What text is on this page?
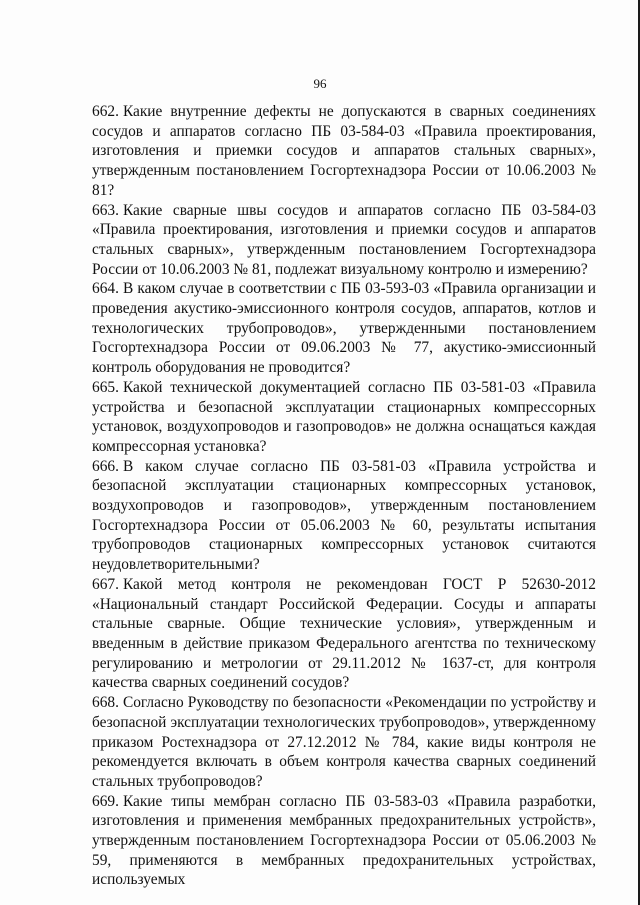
96

662. Какие внутренние дефекты не допускаются в сварных соединениях сосудов и аппаратов согласно ПБ 03-584-03 «Правила проектирования, изготовления и приемки сосудов и аппаратов стальных сварных», утвержденным постановлением Госгортехнадзора России от 10.06.2003 № 81?

663. Какие сварные швы сосудов и аппаратов согласно ПБ 03-584-03 «Правила проектирования, изготовления и приемки сосудов и аппаратов стальных сварных», утвержденным постановлением Госгортехнадзора России от 10.06.2003 № 81, подлежат визуальному контролю и измерению?

664. В каком случае в соответствии с ПБ 03-593-03 «Правила организации и проведения акустико-эмиссионного контроля сосудов, аппаратов, котлов и технологических трубопроводов», утвержденными постановлением Госгортехнадзора России от 09.06.2003 № 77, акустико-эмиссионный контроль оборудования не проводится?

665. Какой технической документацией согласно ПБ 03-581-03 «Правила устройства и безопасной эксплуатации стационарных компрессорных установок, воздухопроводов и газопроводов» не должна оснащаться каждая компрессорная установка?

666. В каком случае согласно ПБ 03-581-03 «Правила устройства и безопасной эксплуатации стационарных компрессорных установок, воздухопроводов и газопроводов», утвержденным постановлением Госгортехнадзора России от 05.06.2003 № 60, результаты испытания трубопроводов стационарных компрессорных установок считаются неудовлетворительными?

667. Какой метод контроля не рекомендован ГОСТ Р 52630-2012 «Национальный стандарт Российской Федерации. Сосуды и аппараты стальные сварные. Общие технические условия», утвержденным и введенным в действие приказом Федерального агентства по техническому регулированию и метрологии от 29.11.2012 № 1637-ст, для контроля качества сварных соединений сосудов?

668. Согласно Руководству по безопасности «Рекомендации по устройству и безопасной эксплуатации технологических трубопроводов», утвержденному приказом Ростехнадзора от 27.12.2012 № 784, какие виды контроля не рекомендуется включать в объем контроля качества сварных соединений стальных трубопроводов?

669. Какие типы мембран согласно ПБ 03-583-03 «Правила разработки, изготовления и применения мембранных предохранительных устройств», утвержденным постановлением Госгортехнадзора России от 05.06.2003 № 59, применяются в мембранных предохранительных устройствах, используемых
